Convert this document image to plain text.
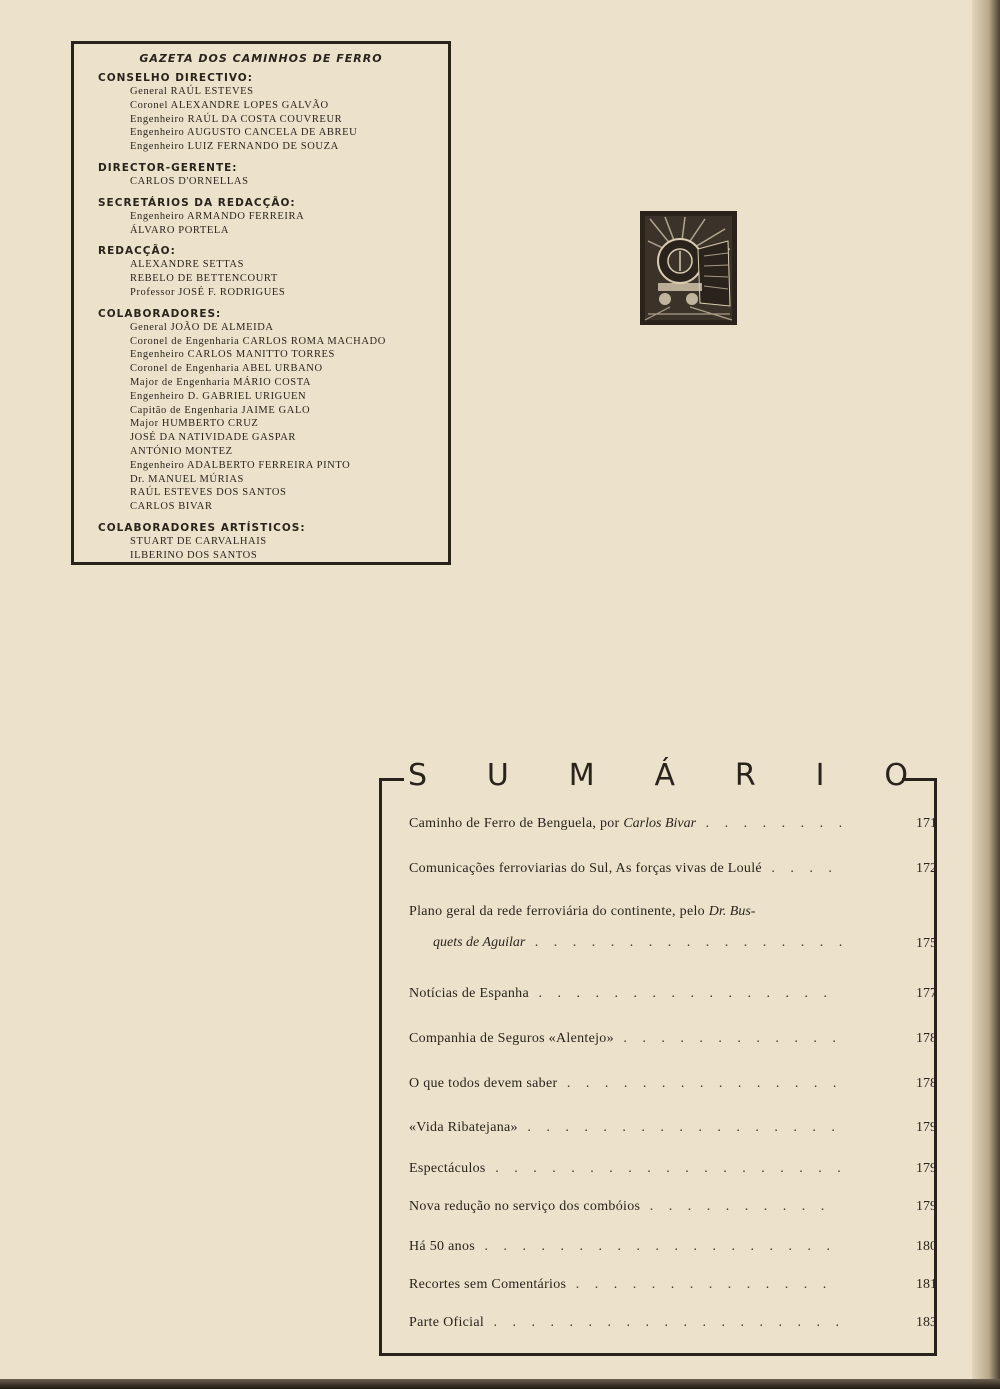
GAZETA DOS CAMINHOS DE FERRO
CONSELHO DIRECTIVO:
General RAÚL ESTEVES
Coronel ALEXANDRE LOPES GALVÃO
Engenheiro RAÚL DA COSTA COUVREUR
Engenheiro AUGUSTO CANCELA DE ABREU
Engenheiro LUIZ FERNANDO DE SOUZA
DIRECTOR-GERENTE:
CARLOS D'ORNELLAS
SECRETÁRIOS DA REDACÇÃO:
Engenheiro ARMANDO FERREIRA
ÁLVARO PORTELA
REDACÇÃO:
ALEXANDRE SETTAS
REBELO DE BETTENCOURT
Professor JOSÉ F. RODRIGUES
COLABORADORES:
General JOÃO DE ALMEIDA
Coronel de Engenharia CARLOS ROMA MACHADO
Engenheiro CARLOS MANITTO TORRES
Coronel de Engenharia ABEL URBANO
Major de Engenharia MÁRIO COSTA
Engenheiro D. GABRIEL URIGUEN
Capitão de Engenharia JAIME GALO
Major HUMBERTO CRUZ
JOSÉ DA NATIVIDADE GASPAR
ANTÓNIO MONTEZ
Engenheiro ADALBERTO FERREIRA PINTO
Dr. MANUEL MÚRIAS
RAÚL ESTEVES DOS SANTOS
CARLOS BIVAR
COLABORADORES ARTÍSTICOS:
STUART DE CARVALHAIS
ILBERINO DOS SANTOS
S U M Á R I O
Caminho de Ferro de Benguela, por Carlos Bivar . . . . . . . .	171
Comunicações ferroviarias do Sul, As forças vivas de Loulé . . . .	172
Plano geral da rede ferroviária do continente, pelo Dr. Bus-
quets de Aguilar . . . . . . . . . . . . . . . . .	175
Notícias de Espanha . . . . . . . . . . . . . . . .	177
Companhia de Seguros «Alentejo» . . . . . . . . . . . .	178
O que todos devem saber . . . . . . . . . . . . . . .	178
«Vida Ribatejana» . . . . . . . . . . . . . . . . .	179
Espectáculos . . . . . . . . . . . . . . . . . . .	179
Nova redução no serviço dos combóios . . . . . . . . . .	179
Há 50 anos . . . . . . . . . . . . . . . . . . .	180
Recortes sem Comentários . . . . . . . . . . . . . .	181
Parte Oficial . . . . . . . . . . . . . . . . . . .	183
